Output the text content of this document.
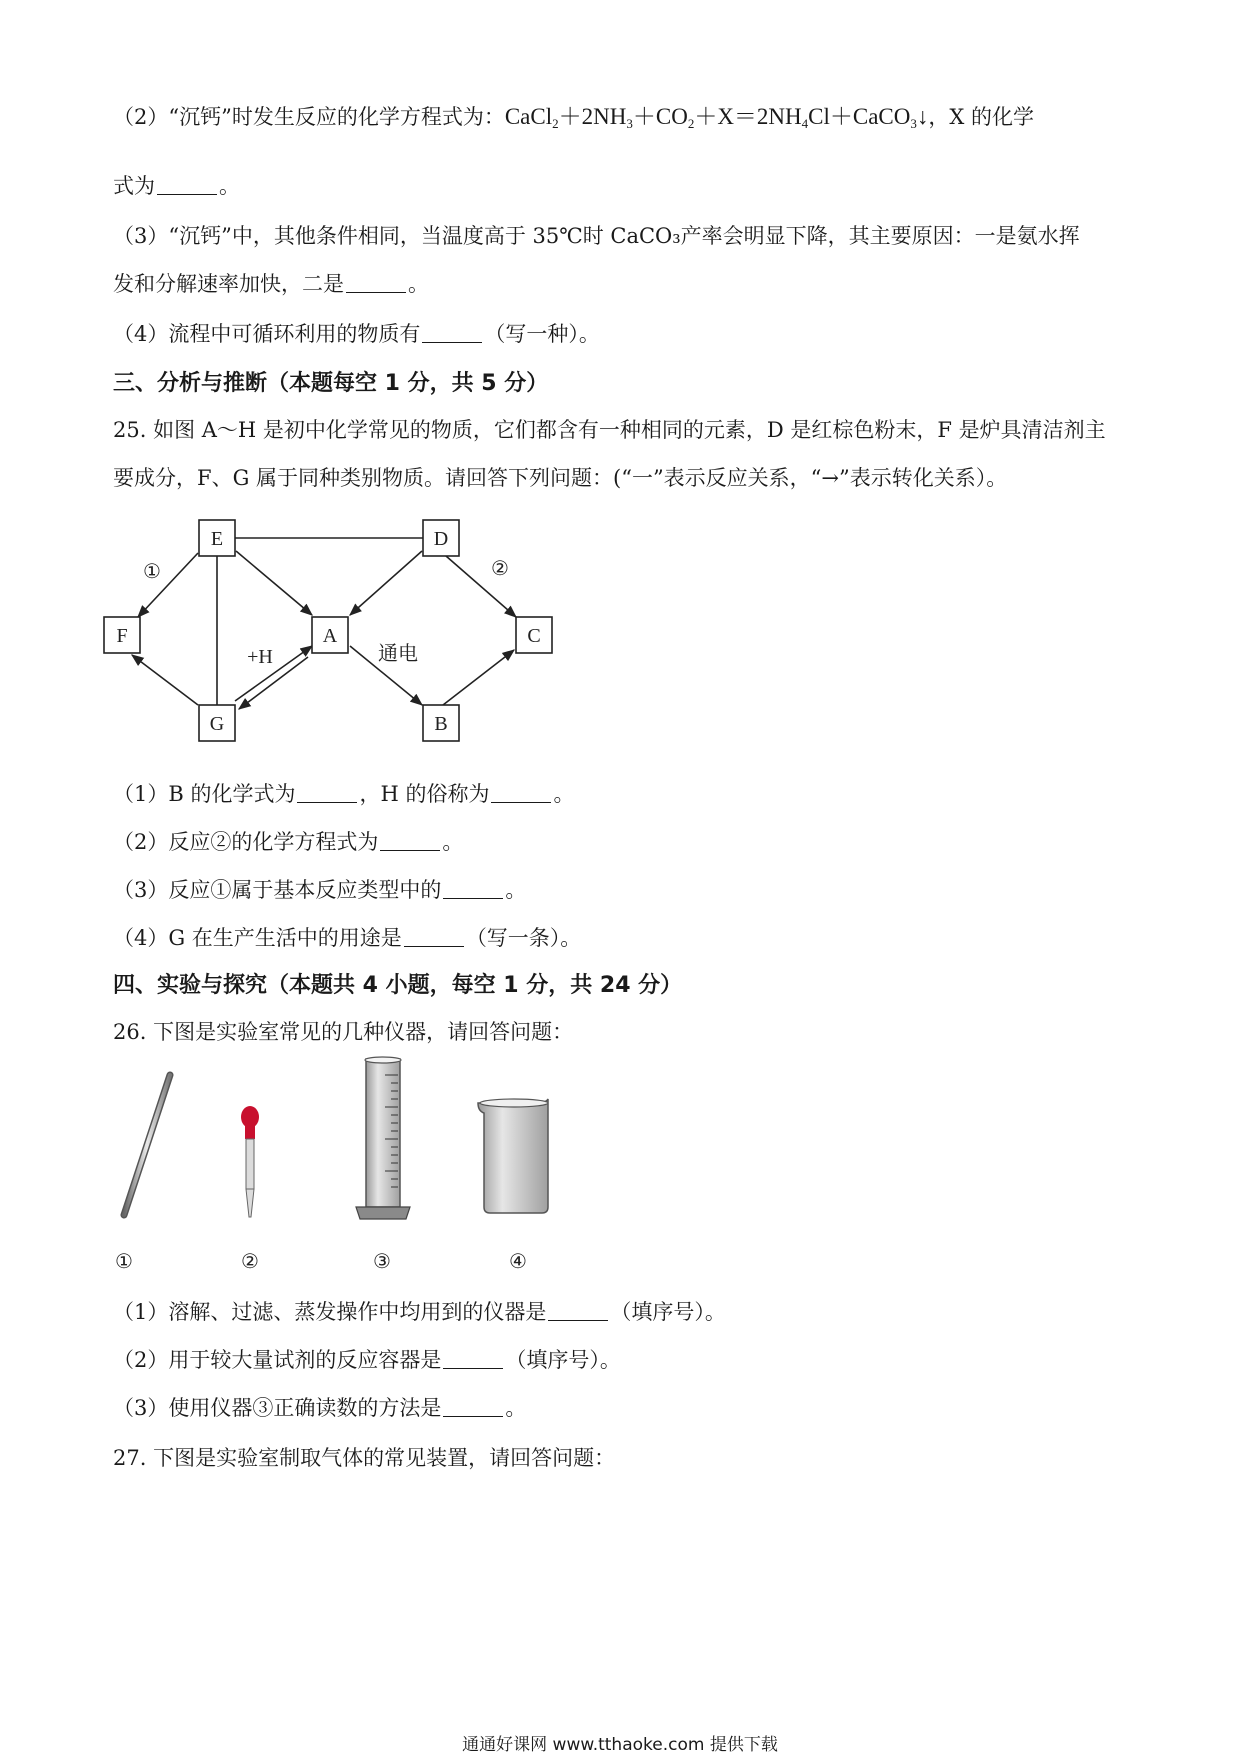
（2）“沉钙”时发生反应的化学方程式为：$CaCl_2+2NH_3+CO_2+X=2NH_4Cl+CaCO_3↓$，X 的化学
式为	。
（3）“沉钙”中，其他条件相同，当温度高于 35℃时 CaCO₃产率会明显下降，其主要原因：一是氨水挥
发和分解速率加快，二是	。
（4）流程中可循环利用的物质有	（写一种）。
三、分析与推断（本题每空 1 分，共 5 分）
25. 如图 A～H 是初中化学常见的物质，它们都含有一种相同的元素，D 是红棕色粉末，F 是炉具清洁剂主
要成分，F、G 属于同种类别物质。请回答下列问题：(“一”表示反应关系，“→”表示转化关系）。
E	D
F	A	C
G	B
①	②
+H	通电
（1）B 的化学式为	，H 的俗称为	。
（2）反应②的化学方程式为	。
（3）反应①属于基本反应类型中的	。
（4）G 在生产生活中的用途是	（写一条）。
四、实验与探究（本题共 4 小题，每空 1 分，共 24 分）
26. 下图是实验室常见的几种仪器，请回答问题：
①	②	③	④
（1）溶解、过滤、蒸发操作中均用到的仪器是	（填序号）。
（2）用于较大量试剂的反应容器是	（填序号）。
（3）使用仪器③正确读数的方法是	。
27. 下图是实验室制取气体的常见装置，请回答问题：
通通好课网 www.tthaoke.com 提供下载
